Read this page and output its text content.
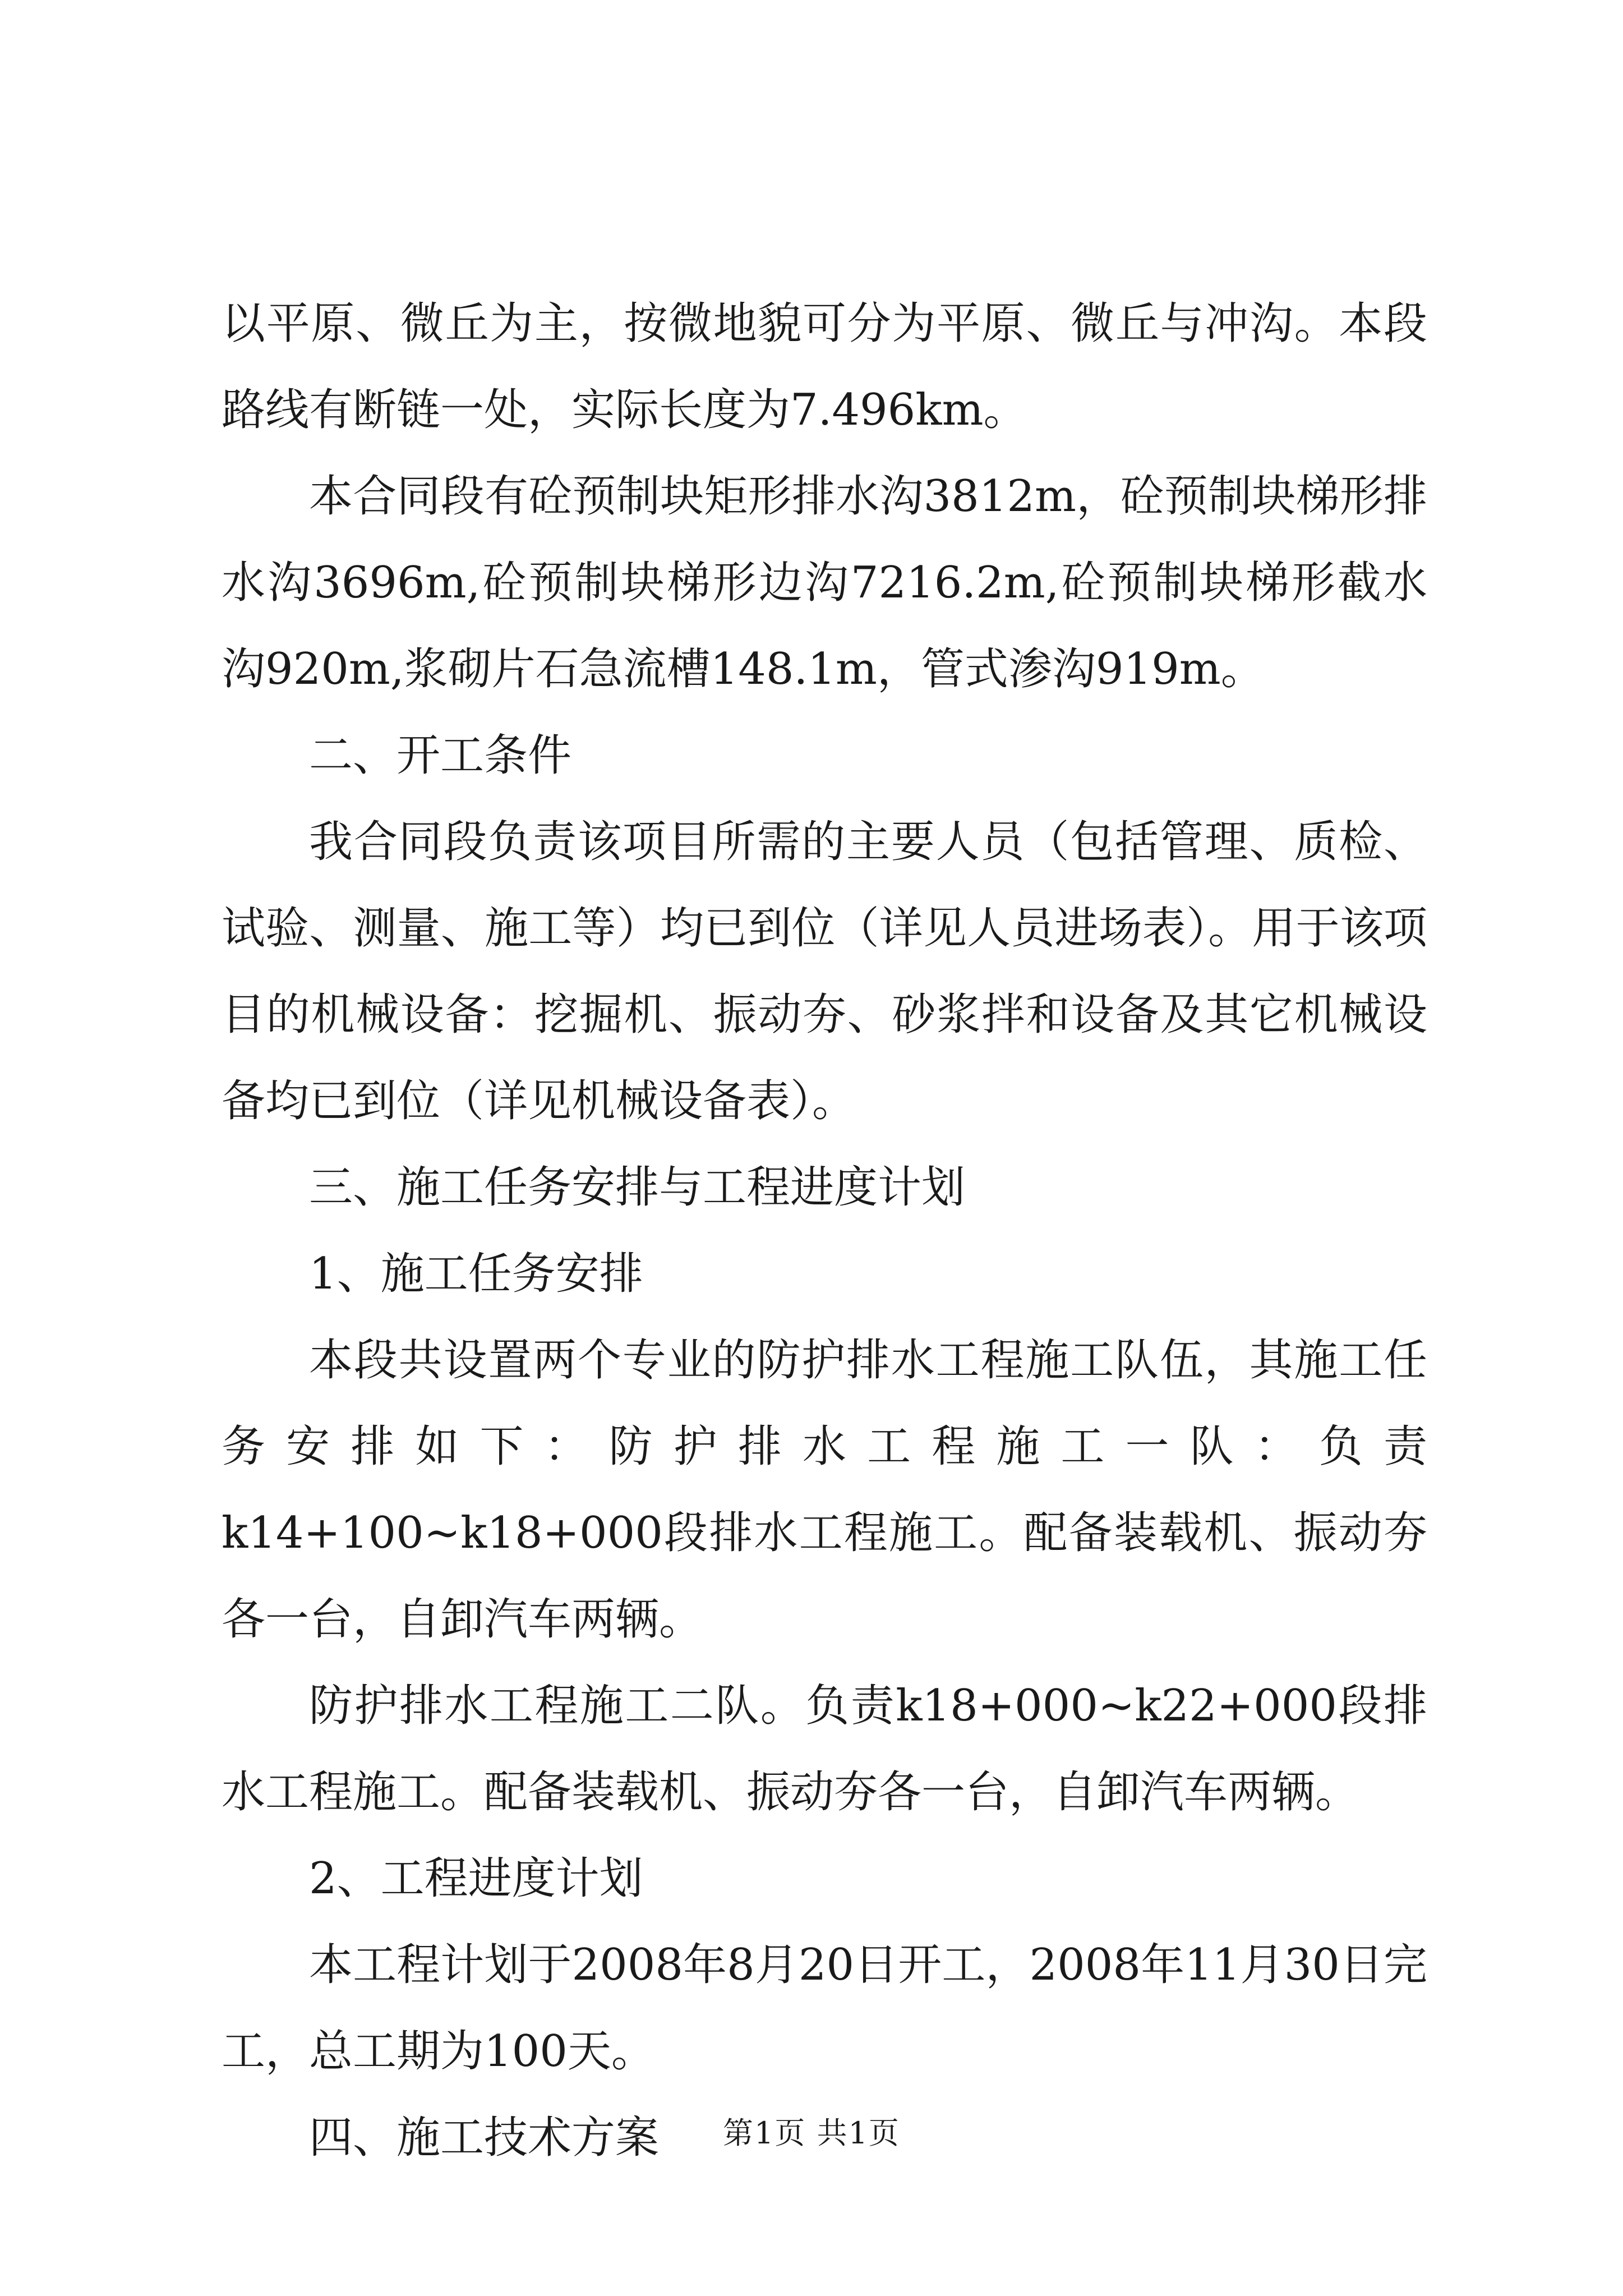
以平原、微丘为主，按微地貌可分为平原、微丘与冲沟。本段路线有断链一处，实际长度为7.496km。

本合同段有砼预制块矩形排水沟3812m，砼预制块梯形排水沟3696m,砼预制块梯形边沟7216.2m,砼预制块梯形截水沟920m,浆砌片石急流槽148.1m，管式渗沟919m。

二、开工条件

我合同段负责该项目所需的主要人员（包括管理、质检、试验、测量、施工等）均已到位（详见人员进场表）。用于该项目的机械设备：挖掘机、振动夯、砂浆拌和设备及其它机械设备均已到位（详见机械设备表）。

三、施工任务安排与工程进度计划

1、施工任务安排

本段共设置两个专业的防护排水工程施工队伍，其施工任务安排如下：防护排水工程施工一队：负责k14+100~k18+000段排水工程施工。配备装载机、振动夯各一台，自卸汽车两辆。

防护排水工程施工二队。负责k18+000~k22+000段排水工程施工。配备装载机、振动夯各一台，自卸汽车两辆。

2、工程进度计划

本工程计划于2008年8月20日开工，2008年11月30日完工，总工期为100天。

四、施工技术方案	第1页 共1页
